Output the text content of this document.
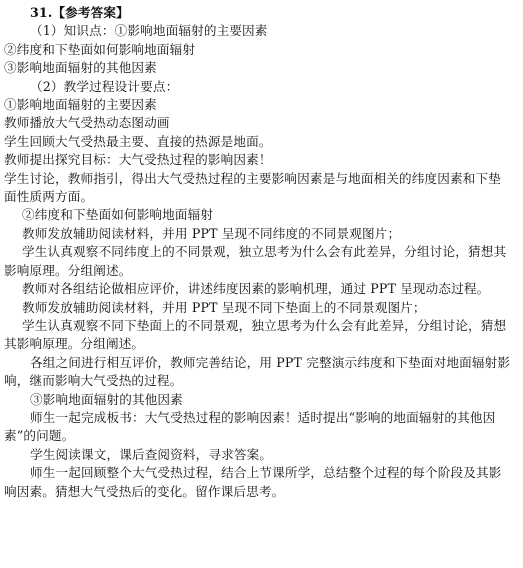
31.【参考答案】
（1）知识点：①影响地面辐射的主要因素
②纬度和下垫面如何影响地面辐射
③影响地面辐射的其他因素
（2）教学过程设计要点：
①影响地面辐射的主要因素
教师播放大气受热动态图动画
学生回顾大气受热最主要、直接的热源是地面。
教师提出探究目标：大气受热过程的影响因素！
学生讨论，教师指引，得出大气受热过程的主要影响因素是与地面相关的纬度因素和下垫面性质两方面。
②纬度和下垫面如何影响地面辐射
教师发放辅助阅读材料，并用 PPT 呈现不同纬度的不同景观图片；
学生认真观察不同纬度上的不同景观，独立思考为什么会有此差异，分组讨论，猜想其影响原理。分组阐述。
教师对各组结论做相应评价，讲述纬度因素的影响机理，通过 PPT 呈现动态过程。
教师发放辅助阅读材料，并用 PPT 呈现不同下垫面上的不同景观图片；
学生认真观察不同下垫面上的不同景观，独立思考为什么会有此差异，分组讨论，猜想其影响原理。分组阐述。
各组之间进行相互评价，教师完善结论，用 PPT 完整演示纬度和下垫面对地面辐射影响，继而影响大气受热的过程。
③影响地面辐射的其他因素
师生一起完成板书：大气受热过程的影响因素！适时提出“影响的地面辐射的其他因素”的问题。
学生阅读课文，课后查阅资料，寻求答案。
师生一起回顾整个大气受热过程，结合上节课所学，总结整个过程的每个阶段及其影响因素。猜想大气受热后的变化。留作课后思考。
